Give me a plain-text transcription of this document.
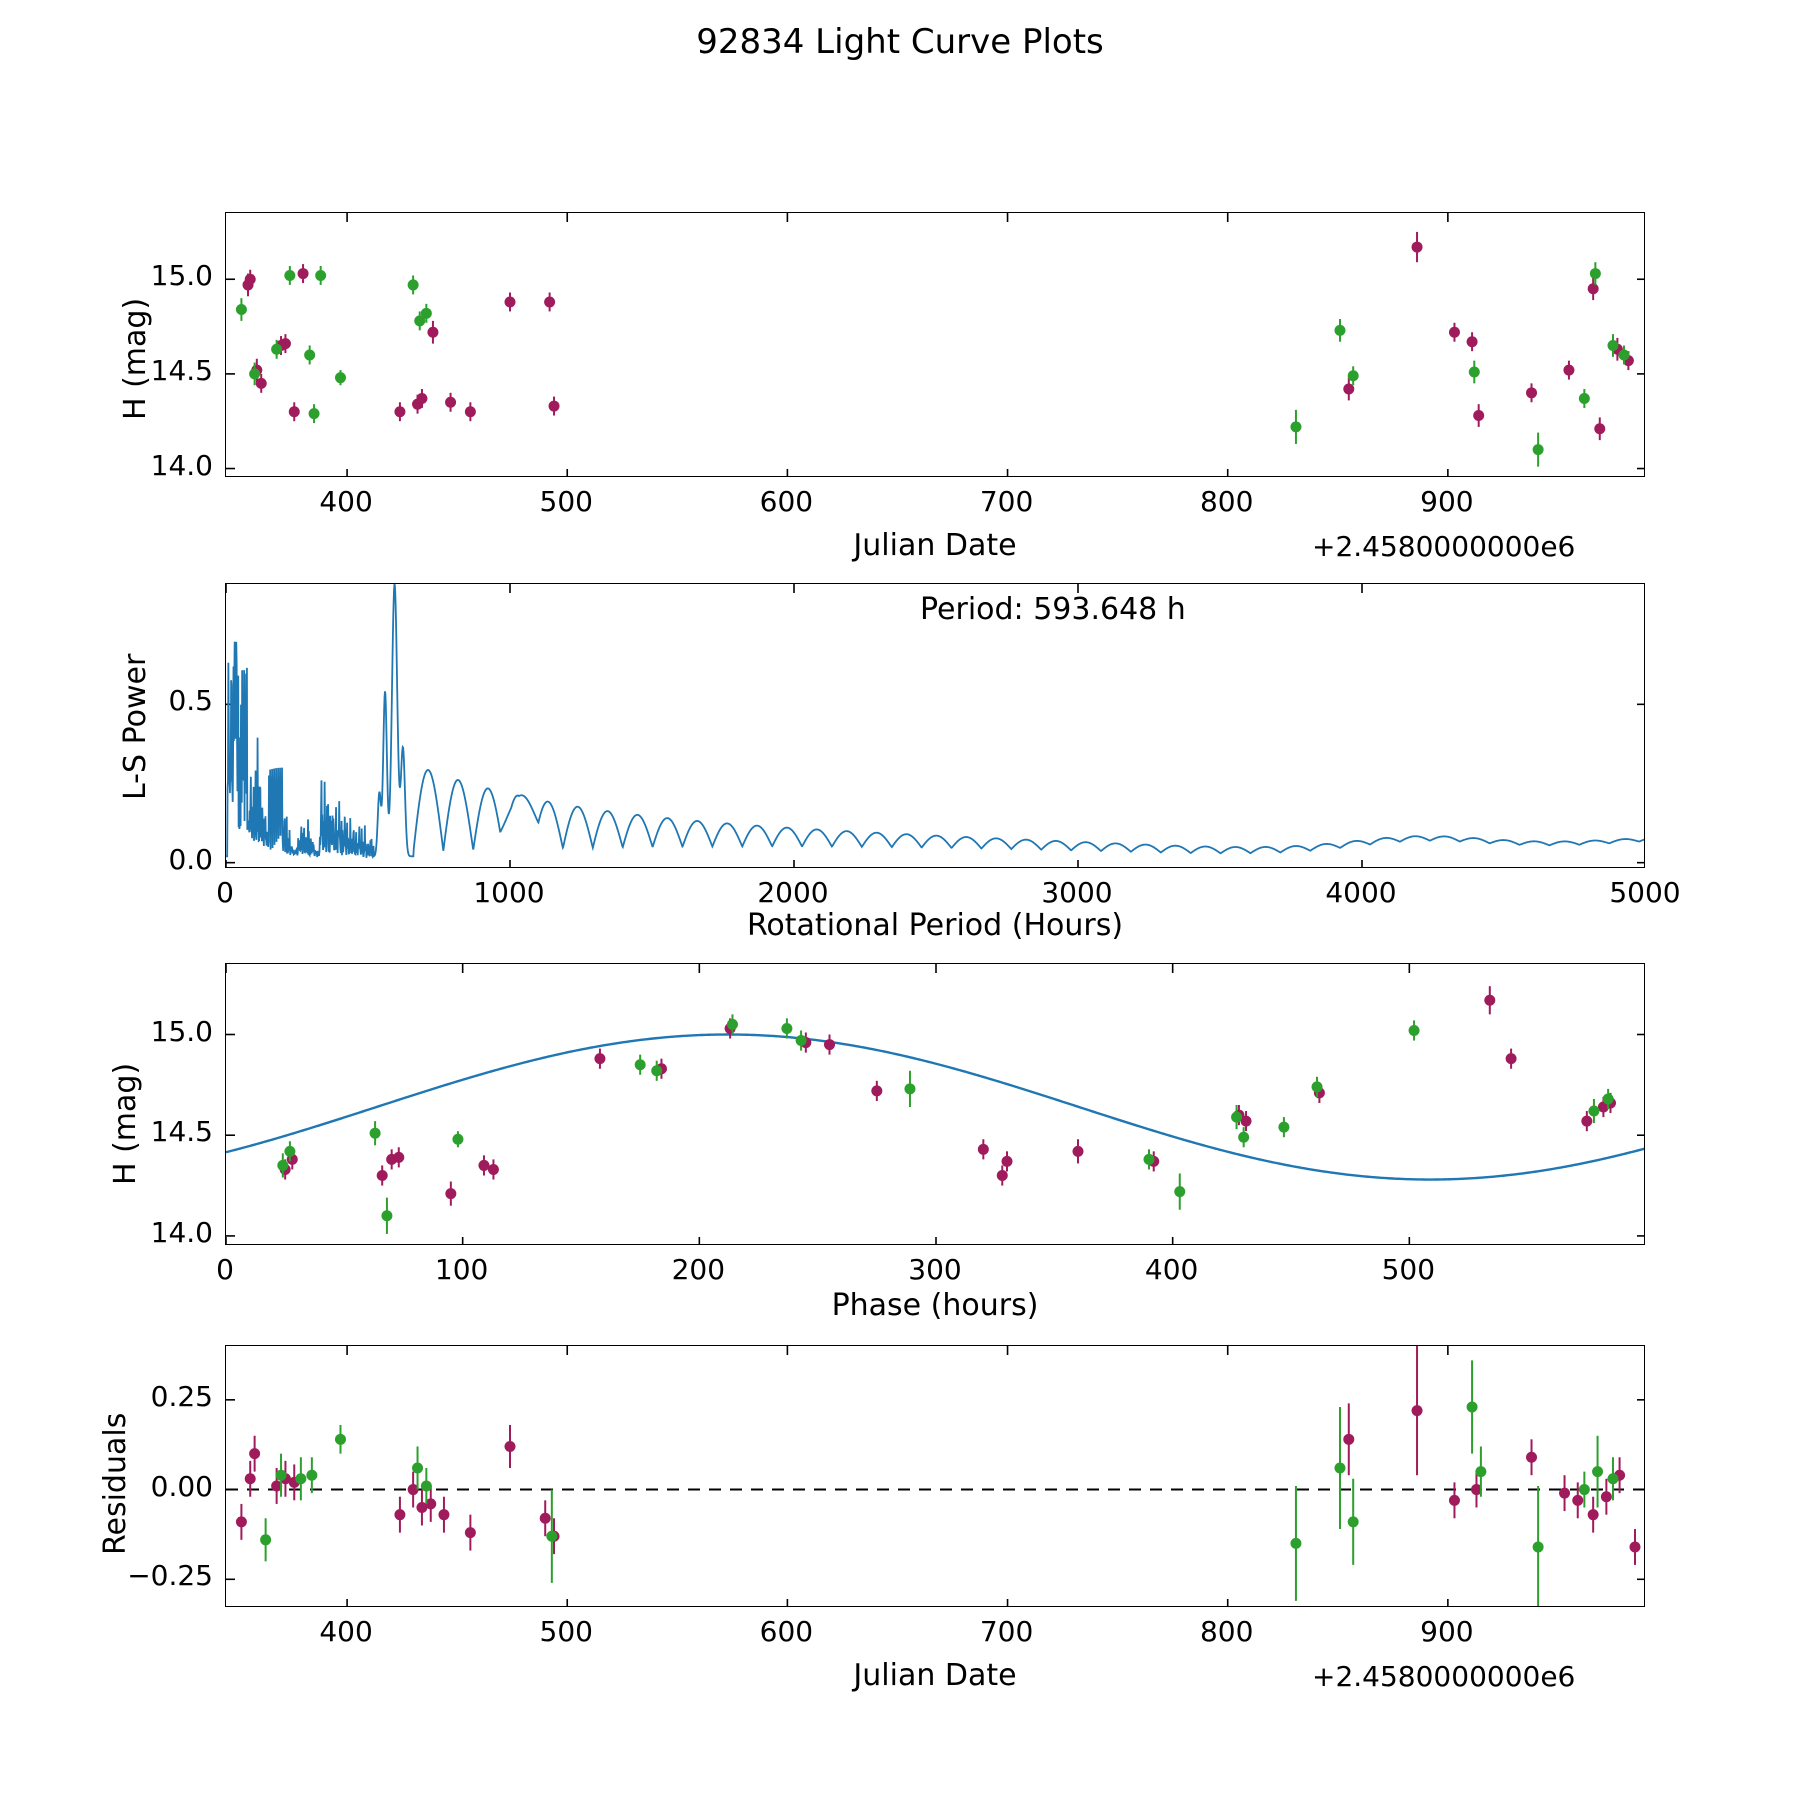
92834 Light Curve Plots
H (mag)
Julian Date	+2.4580000000e6
Period: 593.648 h
L-S Power
Rotational Period (Hours)
H (mag)
Phase (hours)
Residuals
Julian Date	+2.4580000000e6
400	500	600	700	800	900
14.0
14.5
15.0
0	1000	2000	3000	4000	5000
0.0
0.5
0	100	200	300	400	500
14.0
14.5
15.0
400	500	600	700	800	900
−0.25
0.00
0.25
